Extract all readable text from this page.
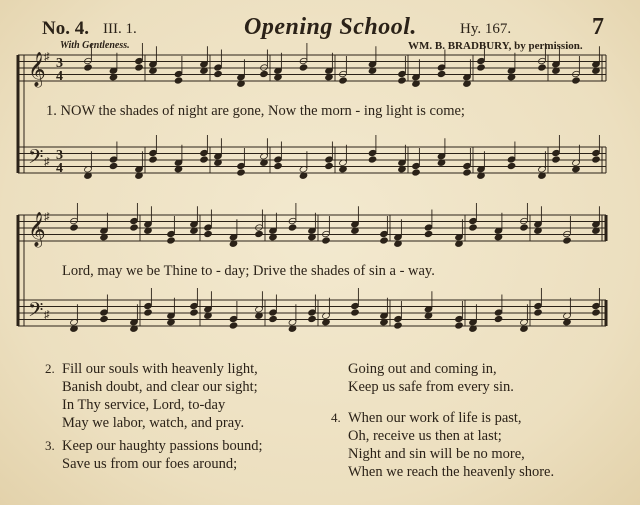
No. 4. III. 1.	Opening School.	Hy. 167.	7
With Gentleness.	WM. B. BRADBURY, by permission.
𝄞
𝄢
♯
♯
3
4
3
4
𝄞
𝄢
♯
♯
1. NOW the shades of night are gone, Now the morn - ing light is come;
Lord, may we be Thine to - day; Drive the shades of sin a - way.
2. Fill our souls with heavenly light,
Banish doubt, and clear our sight;
In Thy service, Lord, to-day
May we labor, watch, and pray.
3. Keep our haughty passions bound;
Save us from our foes around;
Going out and coming in,
Keep us safe from every sin.
4. When our work of life is past,
Oh, receive us then at last;
Night and sin will be no more,
When we reach the heavenly shore.
